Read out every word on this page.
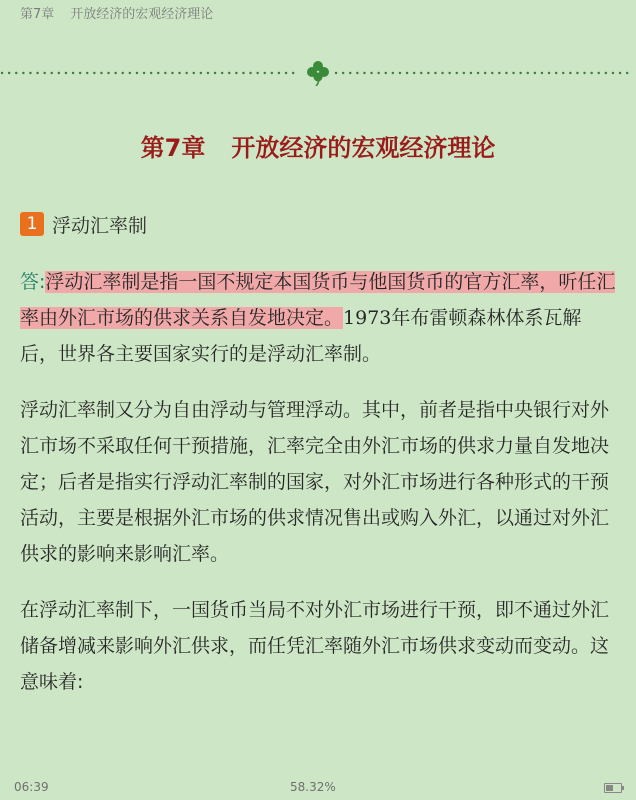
第7章 开放经济的宏观经济理论
第7章 开放经济的宏观经济理论
1 浮动汇率制

答:浮动汇率制是指一国不规定本国货币与他国货币的官方汇率，听任汇率由外汇市场的供求关系自发地决定。1973年布雷顿森林体系瓦解后，世界各主要国家实行的是浮动汇率制。

浮动汇率制又分为自由浮动与管理浮动。其中，前者是指中央银行对外汇市场不采取任何干预措施，汇率完全由外汇市场的供求力量自发地决定；后者是指实行浮动汇率制的国家，对外汇市场进行各种形式的干预活动，主要是根据外汇市场的供求情况售出或购入外汇，以通过对外汇供求的影响来影响汇率。

在浮动汇率制下，一国货币当局不对外汇市场进行干预，即不通过外汇储备增减来影响外汇供求，而任凭汇率随外汇市场供求变动而变动。这意味着:

06:39	58.32%
